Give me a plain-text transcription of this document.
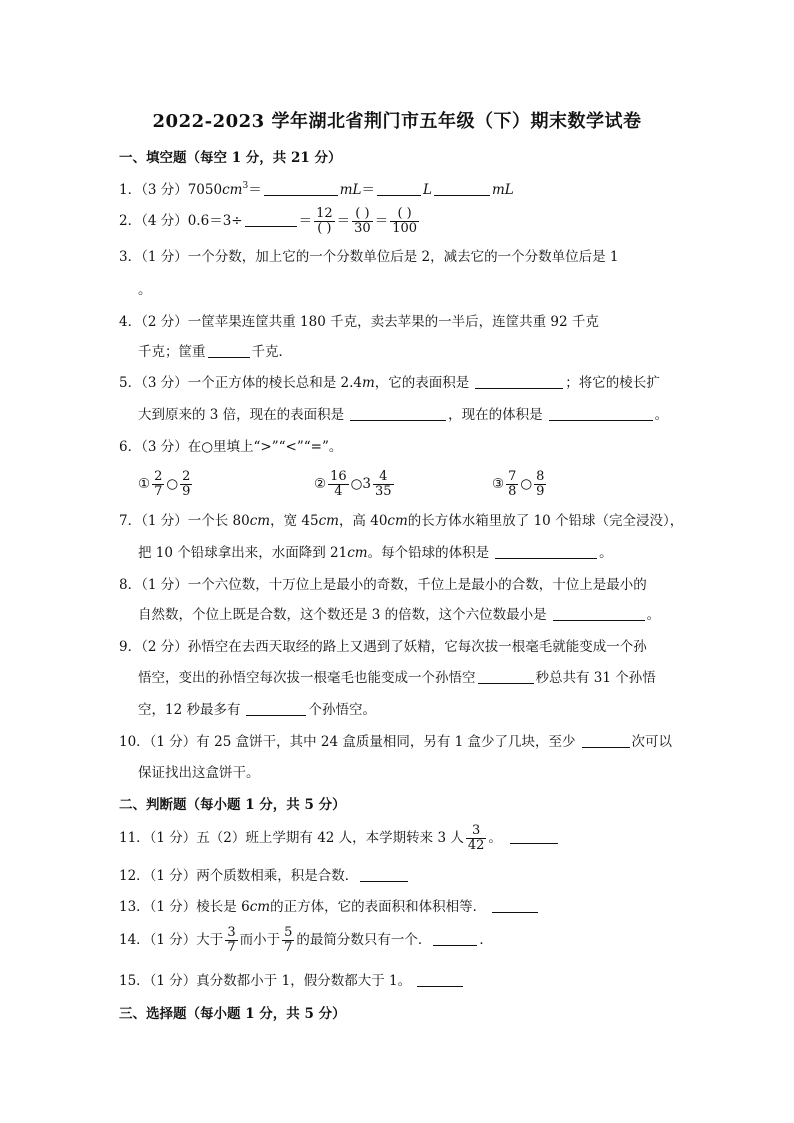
2022-2023 学年湖北省荆门市五年级（下）期末数学试卷
一、填空题（每空 1 分，共 21 分）
1．（3 分）$7050cm^3=$	mL＝	L	mL
2．（4 分）0.6＝3÷	＝ $\frac{12}{( )} = \frac{( )}{30} = \frac{( )}{100}$
3．（1 分）一个分数，加上它的一个分数单位后是 2，减去它的一个分数单位后是 1
。
4．（2 分）一筐苹果连筐共重 180 千克，卖去苹果的一半后，连筐共重 92 千克
千克；筐重	千克．
5．（3 分）一个正方体的棱长总和是 2.4m，它的表面积是	；将它的棱长扩
大到原来的 3 倍，现在的表面积是	，现在的体积是	。
6．（3 分）在○里填上“>”“<”“=”。
① $\frac{2}{7}$ ○ $\frac{2}{9}$	② $\frac{16}{4}$ ○3 $\frac{4}{35}$	③ $\frac{7}{8}$ ○ $\frac{8}{9}$
7．（1 分）一个长 80cm，宽 45cm，高 40cm的长方体水箱里放了 10 个铅球（完全浸没），
把 10 个铅球拿出来，水面降到 21cm。每个铅球的体积是	。
8．（1 分）一个六位数，十万位上是最小的奇数，千位上是最小的合数，十位上是最小的
自然数，个位上既是合数，这个数还是 3 的倍数，这个六位数最小是	。
9．（2 分）孙悟空在去西天取经的路上又遇到了妖精，它每次拔一根毫毛就能变成一个孙
悟空，变出的孙悟空每次拔一根毫毛也能变成一个孙悟空	秒总共有 31 个孙悟
空，12 秒最多有	个孙悟空。
10．（1 分）有 25 盒饼干，其中 24 盒质量相同，另有 1 盒少了几块，至少	次可以
保证找出这盒饼干。
二、判断题（每小题 1 分，共 5 分）
11．（1 分）五（2）班上学期有 42 人，本学期转来 3 人 $\frac{3}{42}$ 。
12．（1 分）两个质数相乘，积是合数．
13．（1 分）棱长是 6cm的正方体，它的表面积和体积相等．
14．（1 分）大于 $\frac{3}{7}$ 而小于 $\frac{5}{7}$ 的最简分数只有一个．	．
15．（1 分）真分数都小于 1，假分数都大于 1。
三、选择题（每小题 1 分，共 5 分）
